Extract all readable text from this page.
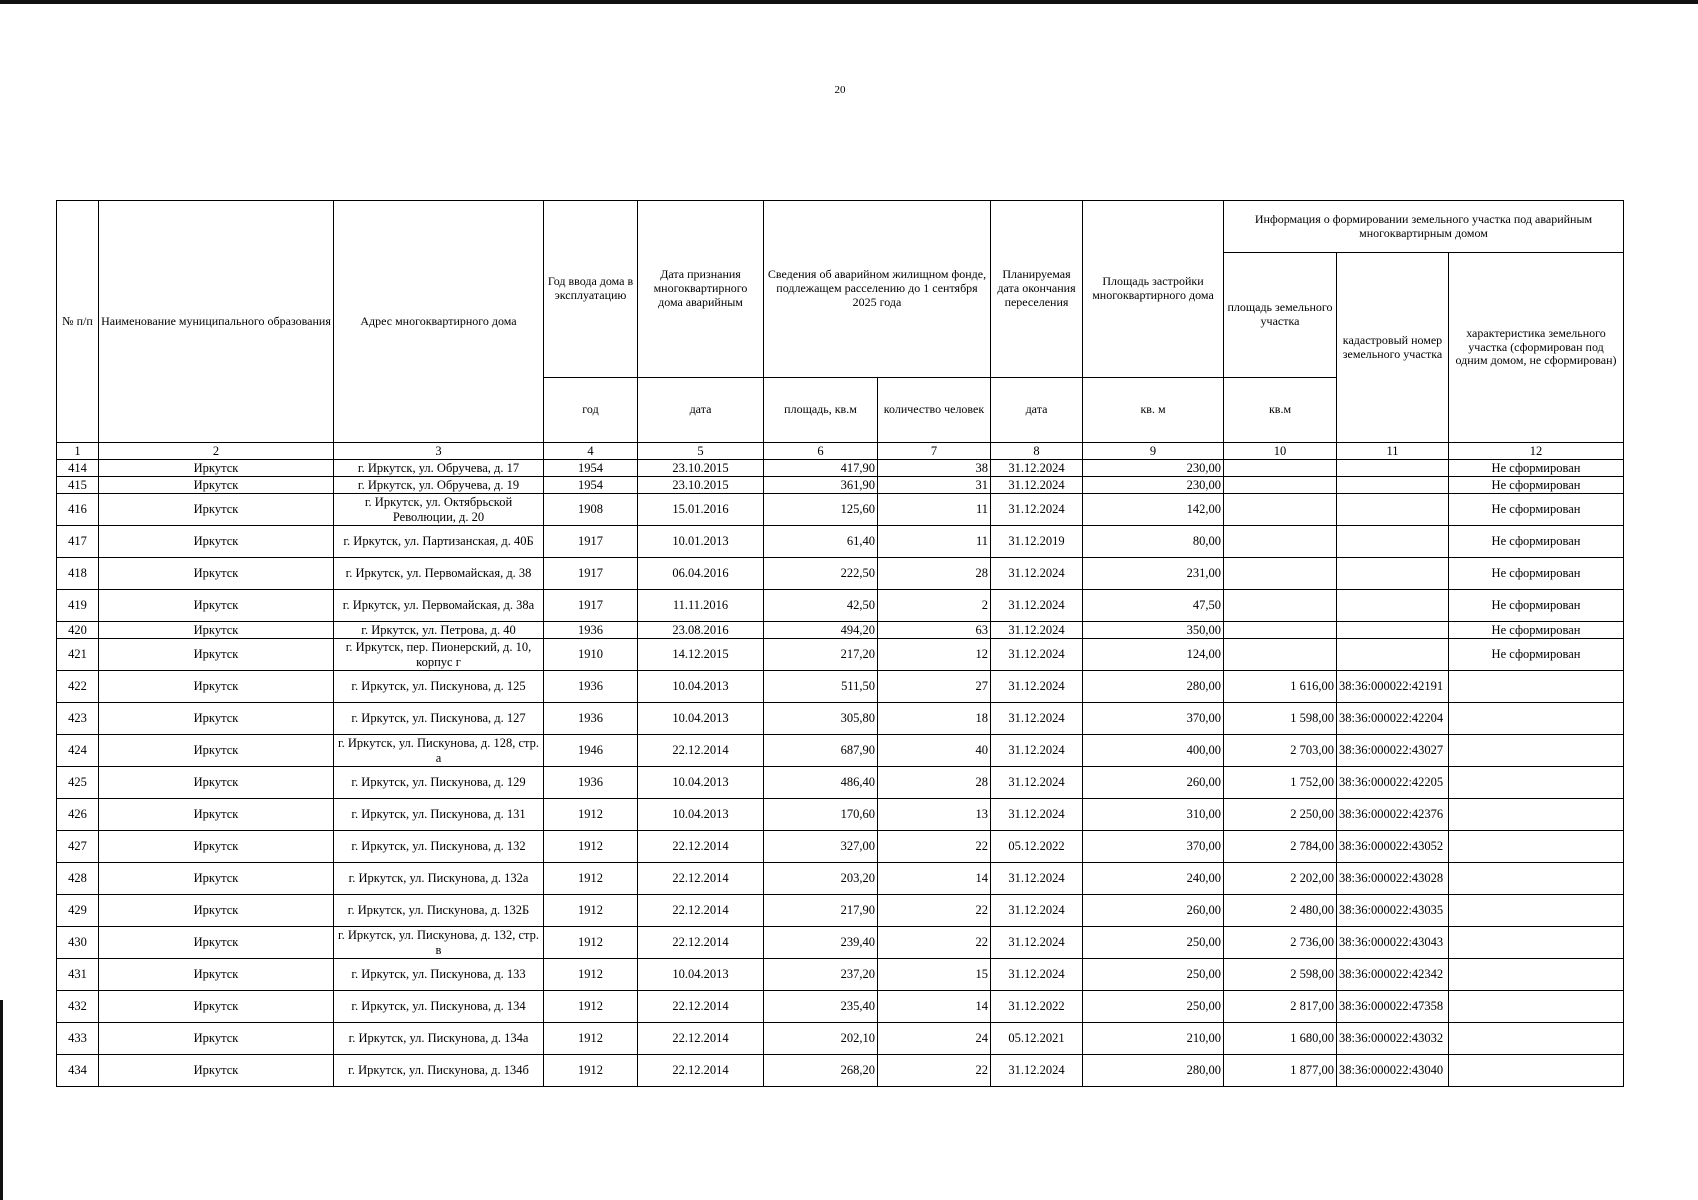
20
№ п/п	Наименование муниципального образования	Адрес многоквартирного дома	Год ввода дома в эксплуатацию	Дата признания многоквартирного дома аварийным	Сведения об аварийном жилищном фонде, подлежащем расселению до 1 сентября 2025 года		Планируемая дата окончания переселения	Площадь застройки многоквартирного дома	Информация о формировании земельного участка под аварийным многоквартирным домом		
									площадь земельного участка	кадастровый номер земельного участка	характеристика земельного участка (сформирован под одним домом, не сформирован)
			год	дата	площадь, кв.м	количество человек	дата	кв. м	кв.м		
1	2	3	4	5	6	7	8	9	10	11	12
414	Иркутск	г. Иркутск, ул. Обручева, д. 17	1954	23.10.2015	417,90	38	31.12.2024	230,00			Не сформирован
415	Иркутск	г. Иркутск, ул. Обручева, д. 19	1954	23.10.2015	361,90	31	31.12.2024	230,00			Не сформирован
416	Иркутск	г. Иркутск, ул. Октябрьской Революции, д. 20	1908	15.01.2016	125,60	11	31.12.2024	142,00			Не сформирован
417	Иркутск	г. Иркутск, ул. Партизанская, д. 40Б	1917	10.01.2013	61,40	11	31.12.2019	80,00			Не сформирован
418	Иркутск	г. Иркутск, ул. Первомайская, д. 38	1917	06.04.2016	222,50	28	31.12.2024	231,00			Не сформирован
419	Иркутск	г. Иркутск, ул. Первомайская, д. 38а	1917	11.11.2016	42,50	2	31.12.2024	47,50			Не сформирован
420	Иркутск	г. Иркутск, ул. Петрова, д. 40	1936	23.08.2016	494,20	63	31.12.2024	350,00			Не сформирован
421	Иркутск	г. Иркутск, пер. Пионерский, д. 10, корпус г	1910	14.12.2015	217,20	12	31.12.2024	124,00			Не сформирован
422	Иркутск	г. Иркутск, ул. Пискунова, д. 125	1936	10.04.2013	511,50	27	31.12.2024	280,00	1 616,00	38:36:000022:42191	
423	Иркутск	г. Иркутск, ул. Пискунова, д. 127	1936	10.04.2013	305,80	18	31.12.2024	370,00	1 598,00	38:36:000022:42204	
424	Иркутск	г. Иркутск, ул. Пискунова, д. 128, стр. а	1946	22.12.2014	687,90	40	31.12.2024	400,00	2 703,00	38:36:000022:43027	
425	Иркутск	г. Иркутск, ул. Пискунова, д. 129	1936	10.04.2013	486,40	28	31.12.2024	260,00	1 752,00	38:36:000022:42205	
426	Иркутск	г. Иркутск, ул. Пискунова, д. 131	1912	10.04.2013	170,60	13	31.12.2024	310,00	2 250,00	38:36:000022:42376	
427	Иркутск	г. Иркутск, ул. Пискунова, д. 132	1912	22.12.2014	327,00	22	05.12.2022	370,00	2 784,00	38:36:000022:43052	
428	Иркутск	г. Иркутск, ул. Пискунова, д. 132а	1912	22.12.2014	203,20	14	31.12.2024	240,00	2 202,00	38:36:000022:43028	
429	Иркутск	г. Иркутск, ул. Пискунова, д. 132Б	1912	22.12.2014	217,90	22	31.12.2024	260,00	2 480,00	38:36:000022:43035	
430	Иркутск	г. Иркутск, ул. Пискунова, д. 132, стр. в	1912	22.12.2014	239,40	22	31.12.2024	250,00	2 736,00	38:36:000022:43043	
431	Иркутск	г. Иркутск, ул. Пискунова, д. 133	1912	10.04.2013	237,20	15	31.12.2024	250,00	2 598,00	38:36:000022:42342	
432	Иркутск	г. Иркутск, ул. Пискунова, д. 134	1912	22.12.2014	235,40	14	31.12.2022	250,00	2 817,00	38:36:000022:47358	
433	Иркутск	г. Иркутск, ул. Пискунова, д. 134а	1912	22.12.2014	202,10	24	05.12.2021	210,00	1 680,00	38:36:000022:43032	
434	Иркутск	г. Иркутск, ул. Пискунова, д. 134б	1912	22.12.2014	268,20	22	31.12.2024	280,00	1 877,00	38:36:000022:43040	
